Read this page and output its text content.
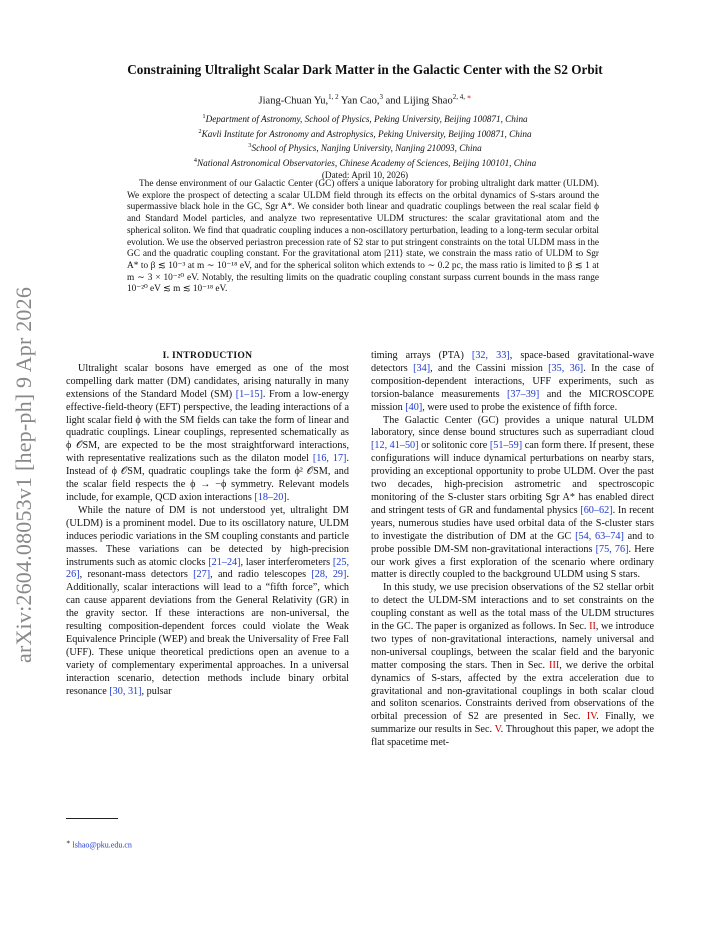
arXiv:2604.08053v1 [hep-ph] 9 Apr 2026
Constraining Ultralight Scalar Dark Matter in the Galactic Center with the S2 Orbit
Jiang-Chuan Yu,$^{1, 2}$ Yan Cao,$^3$ and Lijing Shao$^{2, 4, ∗}$
$^1$Department of Astronomy, School of Physics, Peking University, Beijing 100871, China
$^2$Kavli Institute for Astronomy and Astrophysics, Peking University, Beijing 100871, China
$^3$School of Physics, Nanjing University, Nanjing 210093, China
$^4$National Astronomical Observatories, Chinese Academy of Sciences, Beijing 100101, China
(Dated: April 10, 2026)
The dense environment of our Galactic Center (GC) offers a unique laboratory for probing ultralight dark matter (ULDM). We explore the prospect of detecting a scalar ULDM field through its effects on the orbital dynamics of S-stars around the supermassive black hole in the GC, Sgr A*. We consider both linear and quadratic couplings between the real scalar field ϕ and Standard Model particles, and analyze two representative ULDM structures: the scalar gravitational atom and the spherical soliton. We find that quadratic coupling induces a non-oscillatory perturbation, leading to a long-term secular orbital evolution. We use the observed periastron precession rate of S2 star to put stringent constraints on the total ULDM mass in the GC and the quadratic coupling constant. For the gravitational atom |211⟩ state, we constrain the mass ratio of ULDM to Sgr A* to β ≲ 10⁻³ at m ∼ 10⁻¹⁸ eV, and for the spherical soliton which extends to ∼ 0.2 pc, the mass ratio is limited to β ≲ 1 at m ∼ 3 × 10⁻²⁰ eV. Notably, the resulting limits on the quadratic coupling constant surpass current bounds in the mass range 10⁻²⁰ eV ≲ m ≲ 10⁻¹⁸ eV.

I. INTRODUCTION

Ultralight scalar bosons have emerged as one of the most compelling dark matter (DM) candidates, arising naturally in many extensions of the Standard Model (SM) [1–15]. From a low-energy effective-field-theory (EFT) perspective, the leading interactions of a light scalar field ϕ with the SM fields can take the form of linear and quadratic couplings. Linear couplings, represented schematically as ϕ 𝒪SM, are expected to be the most straightforward interactions, with representative realizations such as the dilaton model [16, 17]. Instead of ϕ 𝒪SM, quadratic couplings take the form ϕ² 𝒪SM, and the scalar field respects the ϕ → −ϕ symmetry. Relevant models include, for example, QCD axion interactions [18–20].

While the nature of DM is not understood yet, ultralight DM (ULDM) is a prominent model. Due to its oscillatory nature, ULDM induces periodic variations in the SM coupling constants and particle masses. These variations can be detected by high-precision instruments such as atomic clocks [21–24], laser interferometers [25, 26], resonant-mass detectors [27], and radio telescopes [28, 29]. Additionally, scalar interactions will lead to a “fifth force”, which can cause apparent deviations from the General Relativity (GR) in the gravity sector. If these interactions are non-universal, the resulting composition-dependent forces could violate the Weak Equivalence Principle (WEP) and break the Universality of Free Fall (UFF). These unique theoretical predictions open an avenue to a variety of complementary experimental approaches. In a universal interaction scenario, detection methods include binary orbital resonance [30, 31], pulsar

timing arrays (PTA) [32, 33], space-based gravitational-wave detectors [34], and the Cassini mission [35, 36]. In the case of composition-dependent interactions, UFF experiments, such as torsion-balance measurements [37–39] and the MICROSCOPE mission [40], were used to probe the existence of fifth force.

The Galactic Center (GC) provides a unique natural ULDM laboratory, since dense bound structures such as superradiant cloud [12, 41–50] or solitonic core [51–59] can form there. If present, these configurations will induce dynamical perturbations on nearby stars, providing an exceptional opportunity to probe ULDM. Over the past two decades, high-precision astrometric and spectroscopic monitoring of the S-cluster stars orbiting Sgr A* has enabled direct and stringent tests of GR and fundamental physics [60–62]. In recent years, numerous studies have used orbital data of the S-cluster stars to investigate the distribution of DM at the GC [54, 63–74] and to probe possible DM-SM non-gravitational interactions [75, 76]. Here our work gives a first exploration of the scenario where ordinary matter is directly coupled to the background ULDM using S stars.

In this study, we use precision observations of the S2 stellar orbit to detect the ULDM-SM interactions and to set constraints on the coupling constant as well as the total mass of the ULDM structures in the GC. The paper is organized as follows. In Sec. II, we introduce two types of non-gravitational interactions, namely universal and non-universal couplings, between the scalar field and the baryonic matter composing the stars. Then in Sec. III, we derive the orbital dynamics of S-stars, affected by the extra acceleration due to gravitational and non-gravitational couplings in both scalar cloud and soliton scenarios. Constraints derived from observations of the orbital precession of S2 are presented in Sec. IV. Finally, we summarize our results in Sec. V. Throughout this paper, we adopt the flat spacetime met-

∗ lshao@pku.edu.cn
